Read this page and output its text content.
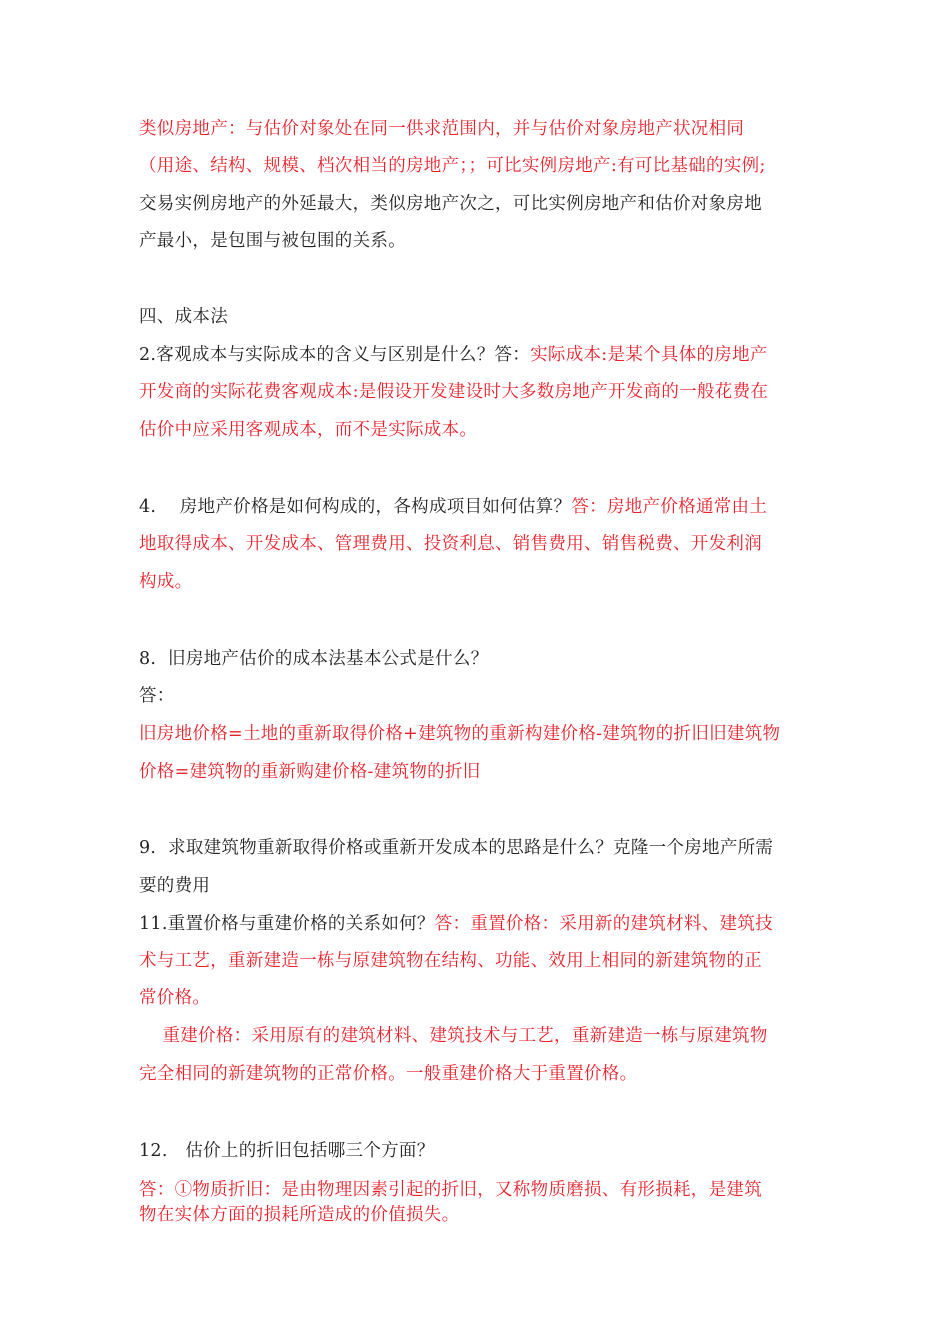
类似房地产：与估价对象处在同一供求范围内，并与估价对象房地产状况相同
（用途、结构、规模、档次相当的房地产；；可比实例房地产:有可比基础的实例;
交易实例房地产的外延最大，类似房地产次之，可比实例房地产和估价对象房地
产最小，是包围与被包围的关系。
四、成本法
2.客观成本与实际成本的含义与区别是什么？答：实际成本:是某个具体的房地产
开发商的实际花费客观成本:是假设开发建设时大多数房地产开发商的一般花费在
估价中应采用客观成本，而不是实际成本。
4.    房地产价格是如何构成的，各构成项目如何估算？答：房地产价格通常由土
地取得成本、开发成本、管理费用、投资利息、销售费用、销售税费、开发利润
构成。
8.  旧房地产估价的成本法基本公式是什么？
答：
旧房地价格=土地的重新取得价格+建筑物的重新构建价格-建筑物的折旧旧建筑物
价格=建筑物的重新购建价格-建筑物的折旧
9.  求取建筑物重新取得价格或重新开发成本的思路是什么？克隆一个房地产所需
要的费用
11.重置价格与重建价格的关系如何？答：重置价格：采用新的建筑材料、建筑技
术与工艺，重新建造一栋与原建筑物在结构、功能、效用上相同的新建筑物的正
常价格。
重建价格：采用原有的建筑材料、建筑技术与工艺，重新建造一栋与原建筑物
完全相同的新建筑物的正常价格。一般重建价格大于重置价格。
12.   估价上的折旧包括哪三个方面？
答：①物质折旧：是由物理因素引起的折旧，又称物质磨损、有形损耗，是建筑
物在实体方面的损耗所造成的价值损失。
